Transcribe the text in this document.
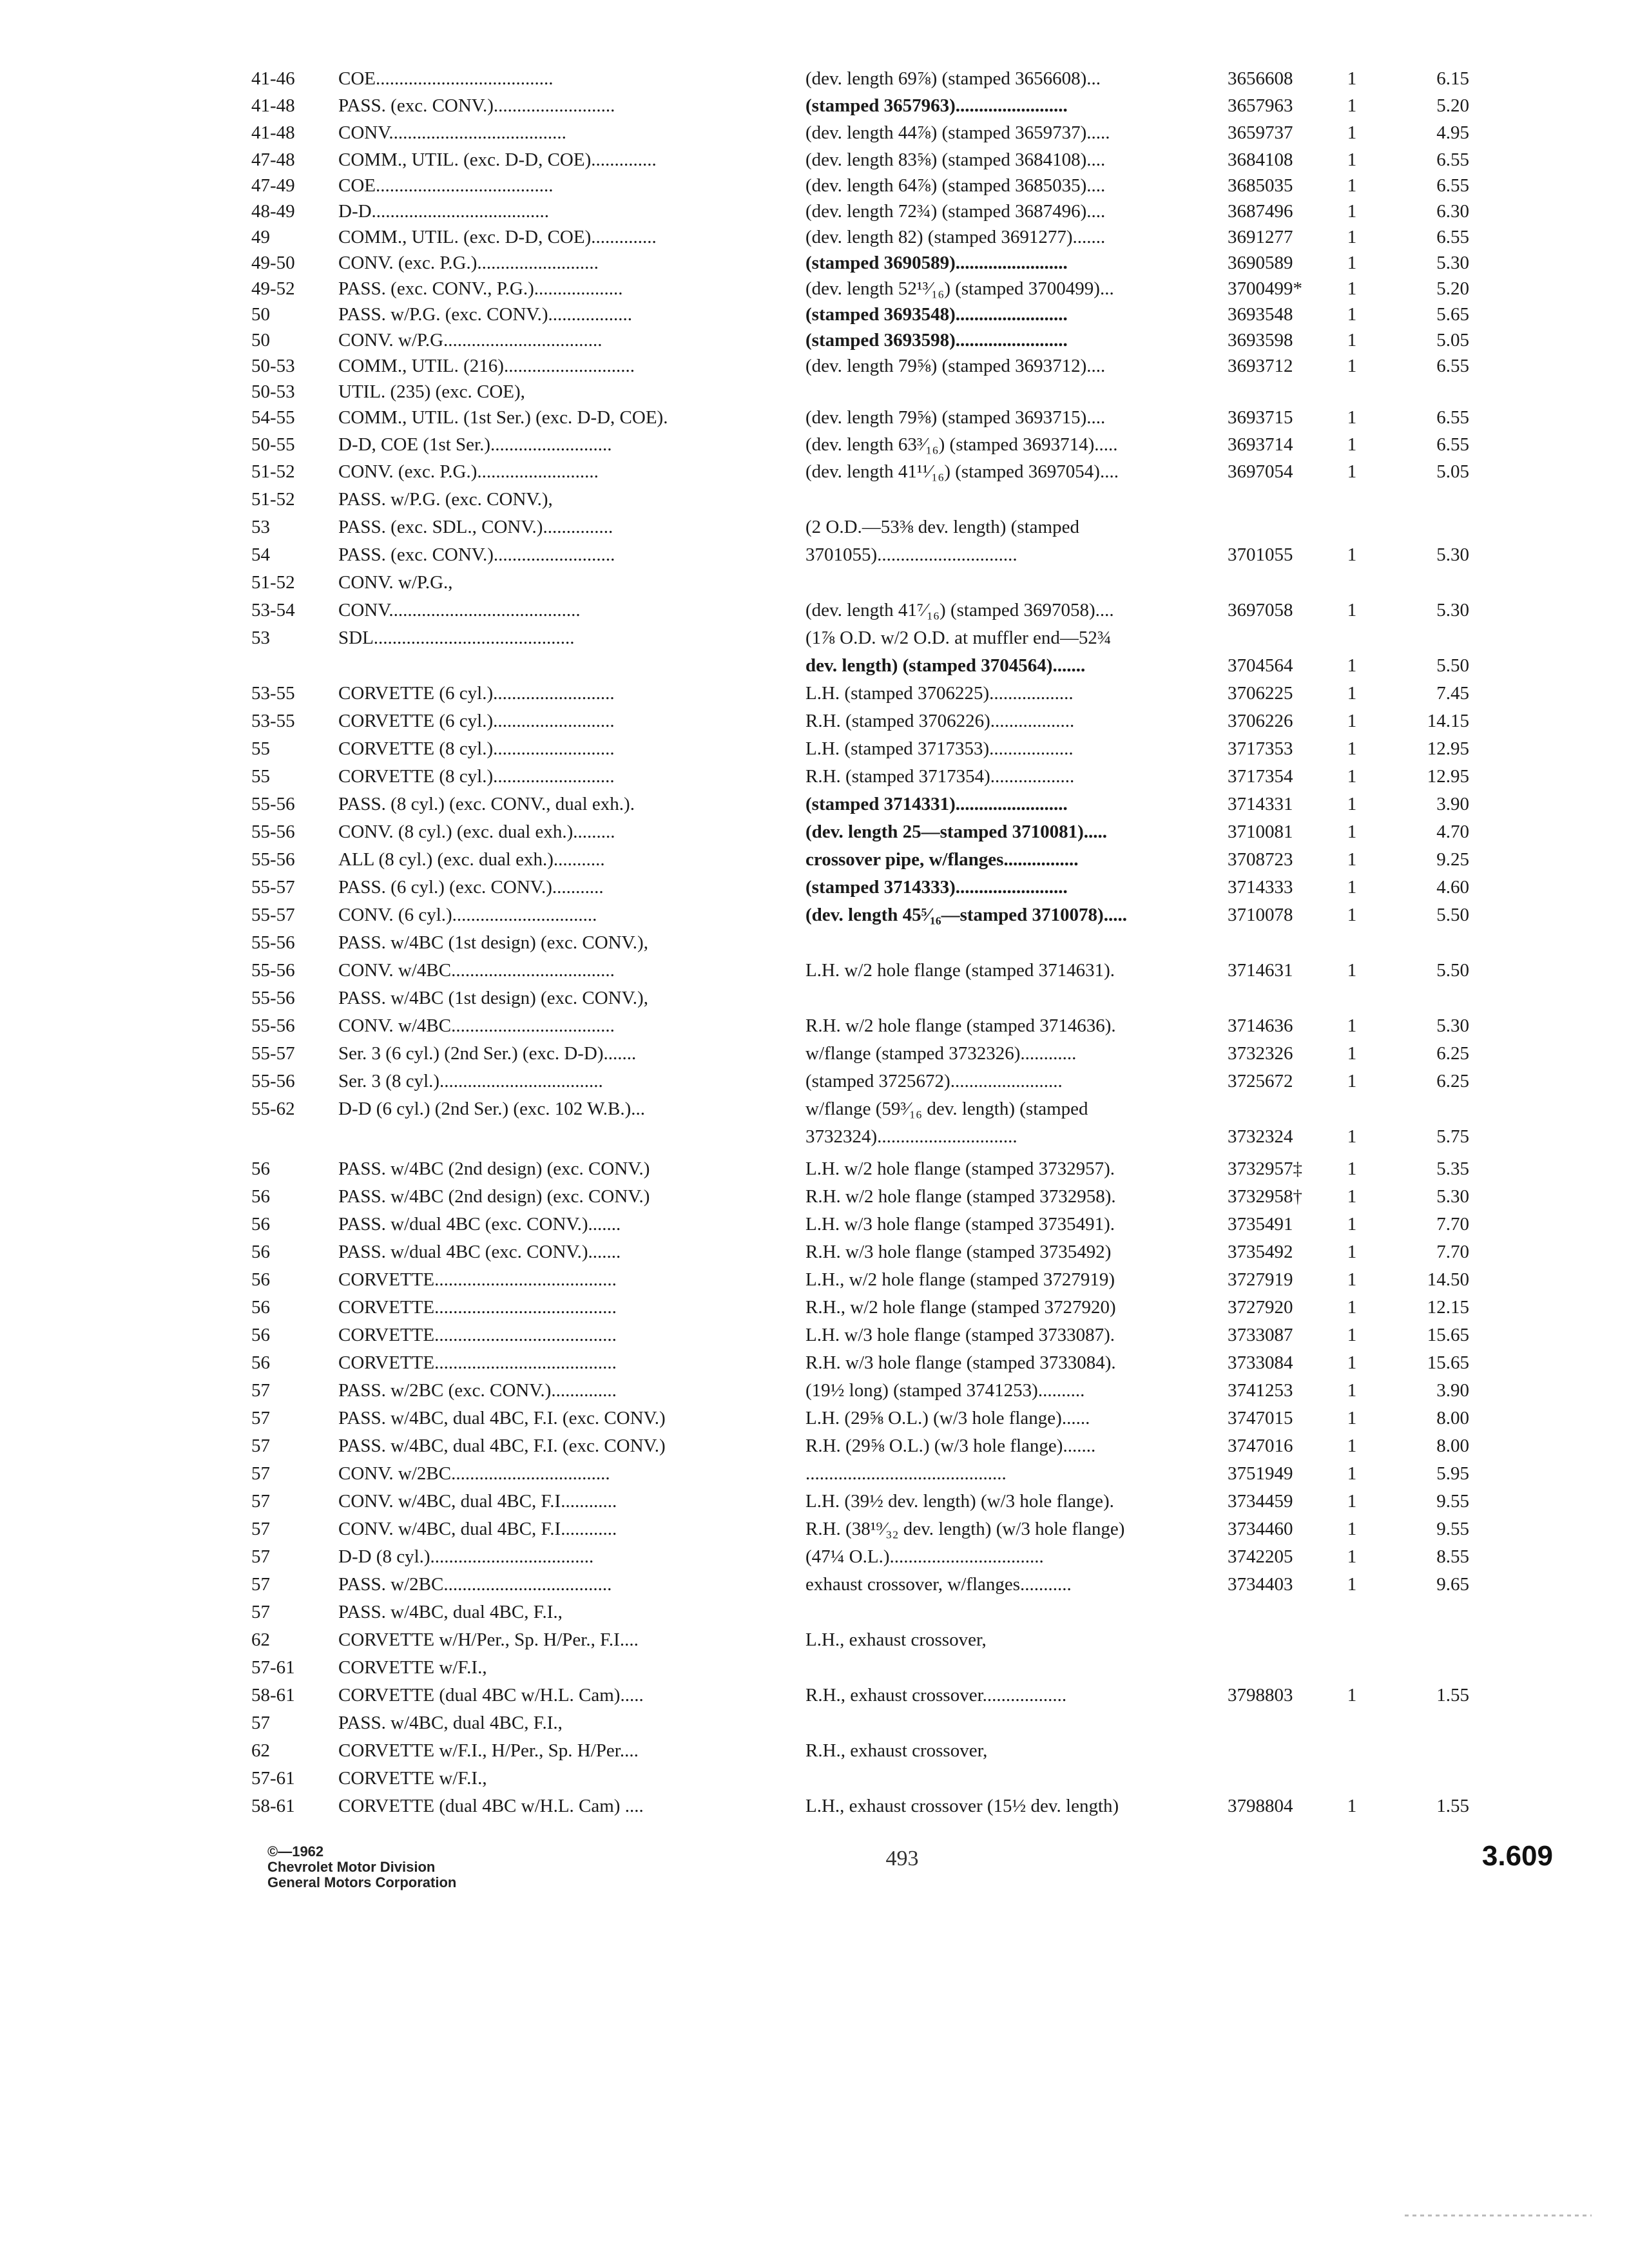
41-46	COE......................................	(dev. length 69⅞) (stamped 3656608)...	3656608	1	6.15
41-48	PASS. (exc. CONV.)..........................	(stamped 3657963)........................	3657963	1	5.20
41-48	CONV......................................	(dev. length 44⅞) (stamped 3659737).....	3659737	1	4.95
47-48	COMM., UTIL. (exc. D-D, COE)..............	(dev. length 83⅝) (stamped 3684108)....	3684108	1	6.55
47-49	COE......................................	(dev. length 64⅞) (stamped 3685035)....	3685035	1	6.55
48-49	D-D......................................	(dev. length 72¾) (stamped 3687496)....	3687496	1	6.30
49	COMM., UTIL. (exc. D-D, COE)..............	(dev. length 82) (stamped 3691277).......	3691277	1	6.55
49-50	CONV. (exc. P.G.)..........................	(stamped 3690589)........................	3690589	1	5.30
49-52	PASS. (exc. CONV., P.G.)...................	(dev. length 52¹³⁄₁₆) (stamped 3700499)...	3700499*	1	5.20
50	PASS. w/P.G. (exc. CONV.)..................	(stamped 3693548)........................	3693548	1	5.65
50	CONV. w/P.G..................................	(stamped 3693598)........................	3693598	1	5.05
50-53	COMM., UTIL. (216)............................	(dev. length 79⅝) (stamped 3693712)....	3693712	1	6.55
50-53	UTIL. (235) (exc. COE),
54-55	COMM., UTIL. (1st Ser.) (exc. D-D, COE).	(dev. length 79⅝) (stamped 3693715)....	3693715	1	6.55
50-55	D-D, COE (1st Ser.)..........................	(dev. length 63³⁄₁₆) (stamped 3693714).....	3693714	1	6.55
51-52	CONV. (exc. P.G.)..........................	(dev. length 41¹¹⁄₁₆) (stamped 3697054)....	3697054	1	5.05
51-52	PASS. w/P.G. (exc. CONV.),
53	PASS. (exc. SDL., CONV.)...............	(2 O.D.—53⅜ dev. length) (stamped
54	PASS. (exc. CONV.)..........................	3701055)..............................	3701055	1	5.30
51-52	CONV. w/P.G.,
53-54	CONV.........................................	(dev. length 41⁷⁄₁₆) (stamped 3697058)....	3697058	1	5.30
53	SDL...........................................	(1⅞ O.D. w/2 O.D. at muffler end—52¾
dev. length) (stamped 3704564).......	3704564	1	5.50
53-55	CORVETTE (6 cyl.)..........................	L.H. (stamped 3706225)..................	3706225	1	7.45
53-55	CORVETTE (6 cyl.)..........................	R.H. (stamped 3706226)..................	3706226	1	14.15
55	CORVETTE (8 cyl.)..........................	L.H. (stamped 3717353)..................	3717353	1	12.95
55	CORVETTE (8 cyl.)..........................	R.H. (stamped 3717354)..................	3717354	1	12.95
55-56	PASS. (8 cyl.) (exc. CONV., dual exh.).	(stamped 3714331)........................	3714331	1	3.90
55-56	CONV. (8 cyl.) (exc. dual exh.).........	(dev. length 25—stamped 3710081).....	3710081	1	4.70
55-56	ALL (8 cyl.) (exc. dual exh.)...........	crossover pipe, w/flanges................	3708723	1	9.25
55-57	PASS. (6 cyl.) (exc. CONV.)...........	(stamped 3714333)........................	3714333	1	4.60
55-57	CONV. (6 cyl.)...............................	(dev. length 45⁵⁄₁₆—stamped 3710078).....	3710078	1	5.50
55-56	PASS. w/4BC (1st design) (exc. CONV.),
55-56	CONV. w/4BC...................................	L.H. w/2 hole flange (stamped 3714631).	3714631	1	5.50
55-56	PASS. w/4BC (1st design) (exc. CONV.),
55-56	CONV. w/4BC...................................	R.H. w/2 hole flange (stamped 3714636).	3714636	1	5.30
55-57	Ser. 3 (6 cyl.) (2nd Ser.) (exc. D-D).......	w/flange (stamped 3732326)............	3732326	1	6.25
55-56	Ser. 3 (8 cyl.)...................................	(stamped 3725672)........................	3725672	1	6.25
55-62	D-D (6 cyl.) (2nd Ser.) (exc. 102 W.B.)...	w/flange (59³⁄₁₆ dev. length) (stamped
3732324)..............................	3732324	1	5.75
56	PASS. w/4BC (2nd design) (exc. CONV.)	L.H. w/2 hole flange (stamped 3732957).	3732957‡	1	5.35
56	PASS. w/4BC (2nd design) (exc. CONV.)	R.H. w/2 hole flange (stamped 3732958).	3732958†	1	5.30
56	PASS. w/dual 4BC (exc. CONV.).......	L.H. w/3 hole flange (stamped 3735491).	3735491	1	7.70
56	PASS. w/dual 4BC (exc. CONV.).......	R.H. w/3 hole flange (stamped 3735492)	3735492	1	7.70
56	CORVETTE.......................................	L.H., w/2 hole flange (stamped 3727919)	3727919	1	14.50
56	CORVETTE.......................................	R.H., w/2 hole flange (stamped 3727920)	3727920	1	12.15
56	CORVETTE.......................................	L.H. w/3 hole flange (stamped 3733087).	3733087	1	15.65
56	CORVETTE.......................................	R.H. w/3 hole flange (stamped 3733084).	3733084	1	15.65
57	PASS. w/2BC (exc. CONV.)..............	(19½ long) (stamped 3741253)..........	3741253	1	3.90
57	PASS. w/4BC, dual 4BC, F.I. (exc. CONV.)	L.H. (29⅝ O.L.) (w/3 hole flange)......	3747015	1	8.00
57	PASS. w/4BC, dual 4BC, F.I. (exc. CONV.)	R.H. (29⅝ O.L.) (w/3 hole flange).......	3747016	1	8.00
57	CONV. w/2BC..................................	...........................................	3751949	1	5.95
57	CONV. w/4BC, dual 4BC, F.I............	L.H. (39½ dev. length) (w/3 hole flange).	3734459	1	9.55
57	CONV. w/4BC, dual 4BC, F.I............	R.H. (38¹⁹⁄₃₂ dev. length) (w/3 hole flange)	3734460	1	9.55
57	D-D (8 cyl.)...................................	(47¼ O.L.).................................	3742205	1	8.55
57	PASS. w/2BC....................................	exhaust crossover, w/flanges...........	3734403	1	9.65
57	PASS. w/4BC, dual 4BC, F.I.,
62	CORVETTE w/H/Per., Sp. H/Per., F.I....	L.H., exhaust crossover,
57-61	CORVETTE w/F.I.,
58-61	CORVETTE (dual 4BC w/H.L. Cam).....	R.H., exhaust crossover..................	3798803	1	1.55
57	PASS. w/4BC, dual 4BC, F.I.,
62	CORVETTE w/F.I., H/Per., Sp. H/Per....	R.H., exhaust crossover,
57-61	CORVETTE w/F.I.,
58-61	CORVETTE (dual 4BC w/H.L. Cam) ....	L.H., exhaust crossover (15½ dev. length)	3798804	1	1.55
©—1962
Chevrolet Motor Division
General Motors Corporation
493	3.609
